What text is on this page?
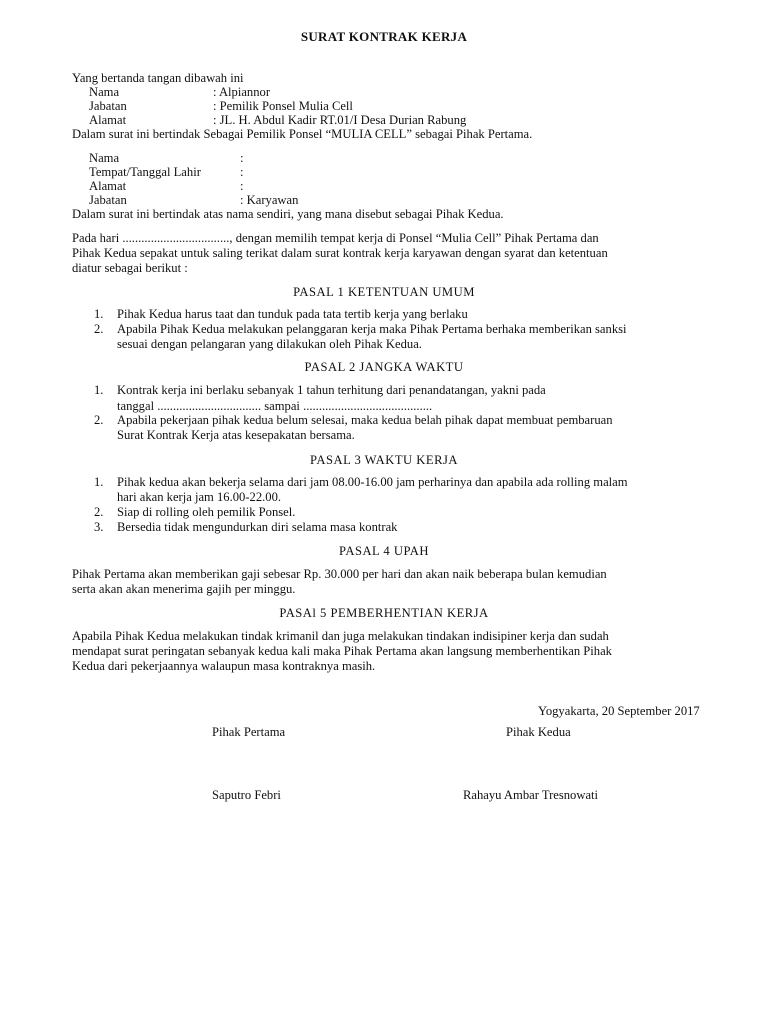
SURAT KONTRAK KERJA
Yang bertanda tangan dibawah ini
Nama	: Alpiannor
Jabatan	: Pemilik Ponsel Mulia Cell
Alamat	: JL. H. Abdul Kadir RT.01/I Desa Durian Rabung
Dalam surat ini bertindak Sebagai Pemilik Ponsel “MULIA CELL” sebagai Pihak Pertama.
Nama	:
Tempat/Tanggal Lahir	:
Alamat	:
Jabatan	: Karyawan
Dalam surat ini bertindak atas nama sendiri, yang mana disebut sebagai Pihak Kedua.
Pada hari .................................., dengan memilih tempat kerja di Ponsel “Mulia Cell” Pihak Pertama dan
Pihak Kedua sepakat untuk saling terikat dalam surat kontrak kerja karyawan dengan syarat dan ketentuan
diatur sebagai berikut :
PASAL 1 KETENTUAN UMUM
1. Pihak Kedua harus taat dan tunduk pada tata tertib kerja yang berlaku
2. Apabila Pihak Kedua melakukan pelanggaran kerja maka Pihak Pertama berhaka memberikan sanksi
sesuai dengan pelangaran yang dilakukan oleh Pihak Kedua.
PASAL 2 JANGKA WAKTU
1. Kontrak kerja ini berlaku sebanyak 1 tahun terhitung dari penandatangan, yakni pada
tanggal ................................. sampai .........................................
2. Apabila pekerjaan pihak kedua belum selesai, maka kedua belah pihak dapat membuat pembaruan
Surat Kontrak Kerja atas kesepakatan bersama.
PASAL 3 WAKTU KERJA
1. Pihak kedua akan bekerja selama dari jam 08.00-16.00 jam perharinya dan apabila ada rolling malam
hari akan kerja jam 16.00-22.00.
2. Siap di rolling oleh pemilik Ponsel.
3. Bersedia tidak mengundurkan diri selama masa kontrak
PASAL 4 UPAH
Pihak Pertama akan memberikan gaji sebesar Rp. 30.000 per hari dan akan naik beberapa bulan kemudian
serta akan akan menerima gajih per minggu.
PASAl 5 PEMBERHENTIAN KERJA
Apabila Pihak Kedua melakukan tindak krimanil dan juga melakukan tindakan indisipiner kerja dan sudah
mendapat surat peringatan sebanyak kedua kali maka Pihak Pertama akan langsung memberhentikan Pihak
Kedua dari pekerjaannya walaupun masa kontraknya masih.
Yogyakarta, 20 September 2017
Pihak Pertama	Pihak Kedua
Saputro Febri	Rahayu Ambar Tresnowati
